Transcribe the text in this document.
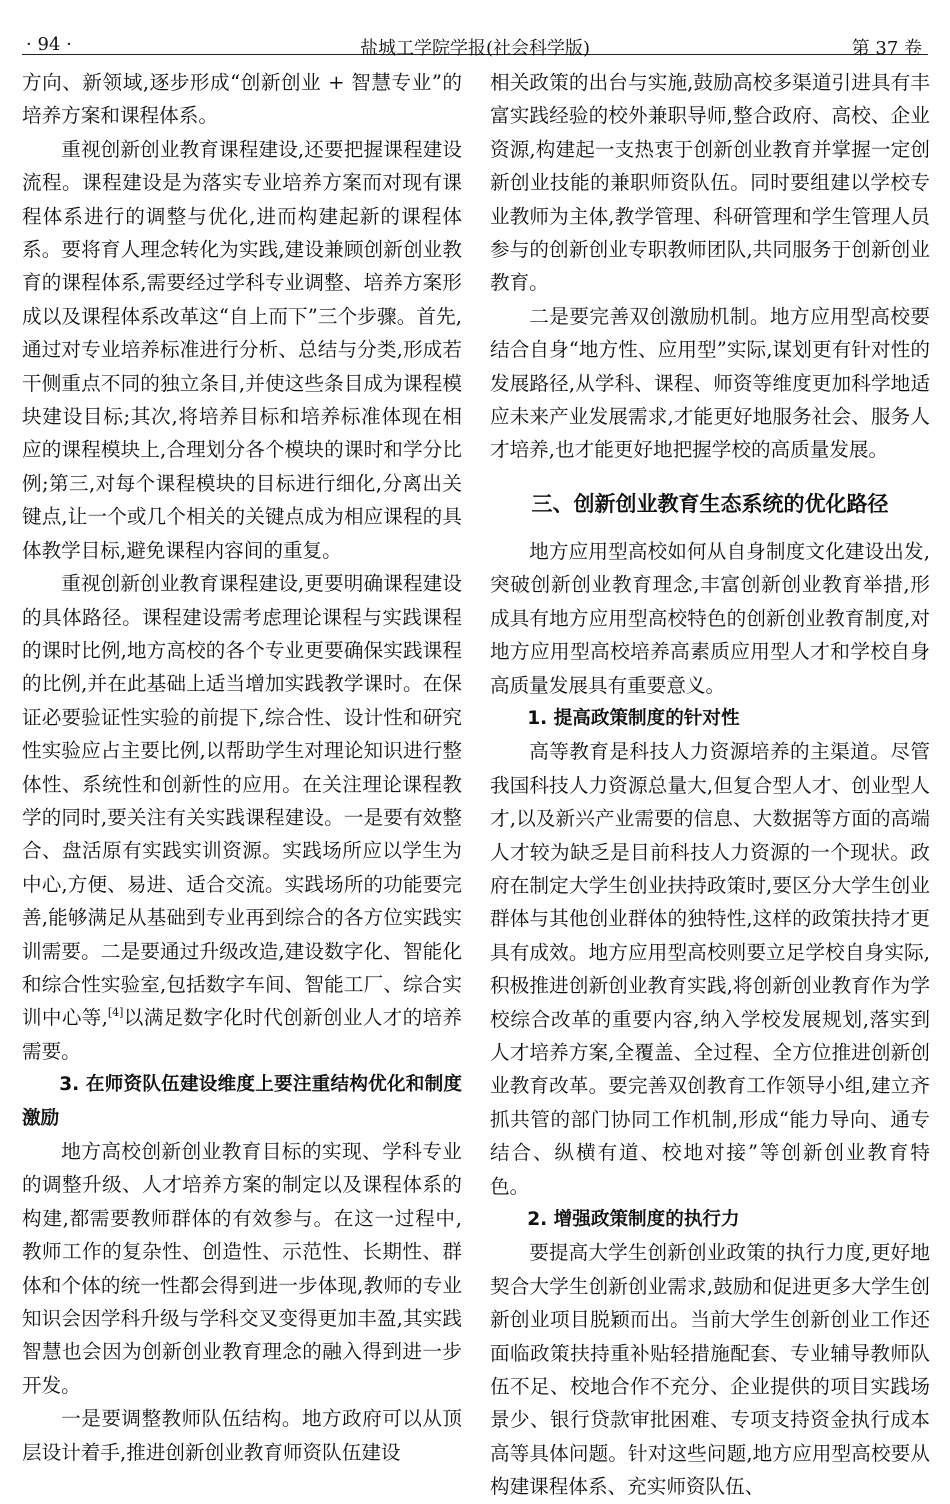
· 94 ·	盐城工学院学报(社会科学版)	第 37 卷

方向、新领域,逐步形成“创新创业 + 智慧专业”的培养方案和课程体系。

重视创新创业教育课程建设,还要把握课程建设流程。课程建设是为落实专业培养方案而对现有课程体系进行的调整与优化,进而构建起新的课程体系。要将育人理念转化为实践,建设兼顾创新创业教育的课程体系,需要经过学科专业调整、培养方案形成以及课程体系改革这“自上而下”三个步骤。首先,通过对专业培养标准进行分析、总结与分类,形成若干侧重点不同的独立条目,并使这些条目成为课程模块建设目标;其次,将培养目标和培养标准体现在相应的课程模块上,合理划分各个模块的课时和学分比例;第三,对每个课程模块的目标进行细化,分离出关键点,让一个或几个相关的关键点成为相应课程的具体教学目标,避免课程内容间的重复。

重视创新创业教育课程建设,更要明确课程建设的具体路径。课程建设需考虑理论课程与实践课程的课时比例,地方高校的各个专业更要确保实践课程的比例,并在此基础上适当增加实践教学课时。在保证必要验证性实验的前提下,综合性、设计性和研究性实验应占主要比例,以帮助学生对理论知识进行整体性、系统性和创新性的应用。在关注理论课程教学的同时,要关注有关实践课程建设。一是要有效整合、盘活原有实践实训资源。实践场所应以学生为中心,方便、易进、适合交流。实践场所的功能要完善,能够满足从基础到专业再到综合的各方位实践实训需要。二是要通过升级改造,建设数字化、智能化和综合性实验室,包括数字车间、智能工厂、综合实训中心等,[4]以满足数字化时代创新创业人才的培养需要。

3. 在师资队伍建设维度上要注重结构优化和制度激励

地方高校创新创业教育目标的实现、学科专业的调整升级、人才培养方案的制定以及课程体系的构建,都需要教师群体的有效参与。在这一过程中,教师工作的复杂性、创造性、示范性、长期性、群体和个体的统一性都会得到进一步体现,教师的专业知识会因学科升级与学科交叉变得更加丰盈,其实践智慧也会因为创新创业教育理念的融入得到进一步开发。

一是要调整教师队伍结构。地方政府可以从顶层设计着手,推进创新创业教育师资队伍建设

相关政策的出台与实施,鼓励高校多渠道引进具有丰富实践经验的校外兼职导师,整合政府、高校、企业资源,构建起一支热衷于创新创业教育并掌握一定创新创业技能的兼职师资队伍。同时要组建以学校专业教师为主体,教学管理、科研管理和学生管理人员参与的创新创业专职教师团队,共同服务于创新创业教育。

二是要完善双创激励机制。地方应用型高校要结合自身“地方性、应用型”实际,谋划更有针对性的发展路径,从学科、课程、师资等维度更加科学地适应未来产业发展需求,才能更好地服务社会、服务人才培养,也才能更好地把握学校的高质量发展。

三、创新创业教育生态系统的优化路径

地方应用型高校如何从自身制度文化建设出发,突破创新创业教育理念,丰富创新创业教育举措,形成具有地方应用型高校特色的创新创业教育制度,对地方应用型高校培养高素质应用型人才和学校自身高质量发展具有重要意义。

1. 提高政策制度的针对性

高等教育是科技人力资源培养的主渠道。尽管我国科技人力资源总量大,但复合型人才、创业型人才,以及新兴产业需要的信息、大数据等方面的高端人才较为缺乏是目前科技人力资源的一个现状。政府在制定大学生创业扶持政策时,要区分大学生创业群体与其他创业群体的独特性,这样的政策扶持才更具有成效。地方应用型高校则要立足学校自身实际,积极推进创新创业教育实践,将创新创业教育作为学校综合改革的重要内容,纳入学校发展规划,落实到人才培养方案,全覆盖、全过程、全方位推进创新创业教育改革。要完善双创教育工作领导小组,建立齐抓共管的部门协同工作机制,形成“能力导向、通专结合、纵横有道、校地对接”等创新创业教育特色。

2. 增强政策制度的执行力

要提高大学生创新创业政策的执行力度,更好地契合大学生创新创业需求,鼓励和促进更多大学生创新创业项目脱颖而出。当前大学生创新创业工作还面临政策扶持重补贴轻措施配套、专业辅导教师队伍不足、校地合作不充分、企业提供的项目实践场景少、银行贷款审批困难、专项支持资金执行成本高等具体问题。针对这些问题,地方应用型高校要从构建课程体系、充实师资队伍、
